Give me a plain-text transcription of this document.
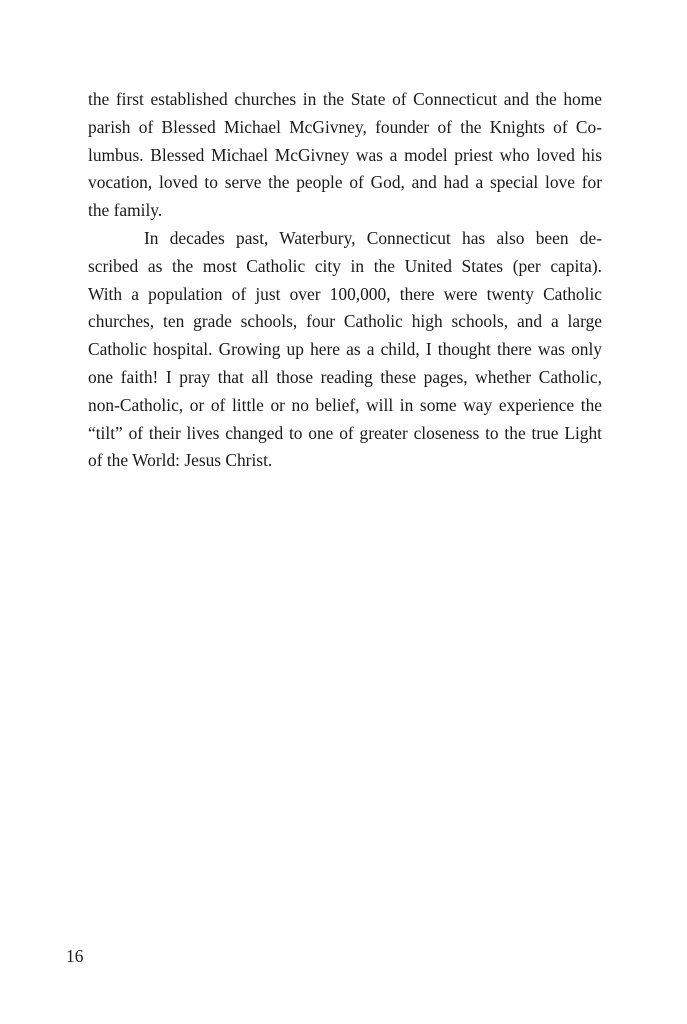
the first established churches in the State of Connecticut and the home
parish of Blessed Michael McGivney, founder of the Knights of Co-
lumbus. Blessed Michael McGivney was a model priest who loved his
vocation, loved to serve the people of God, and had a special love for
the family.
In decades past, Waterbury, Connecticut has also been de-
scribed as the most Catholic city in the United States (per capita).
With a population of just over 100,000, there were twenty Catholic
churches, ten grade schools, four Catholic high schools, and a large
Catholic hospital. Growing up here as a child, I thought there was only
one faith! I pray that all those reading these pages, whether Catholic,
non-Catholic, or of little or no belief, will in some way experience the
“tilt” of their lives changed to one of greater closeness to the true Light
of the World: Jesus Christ.
16
